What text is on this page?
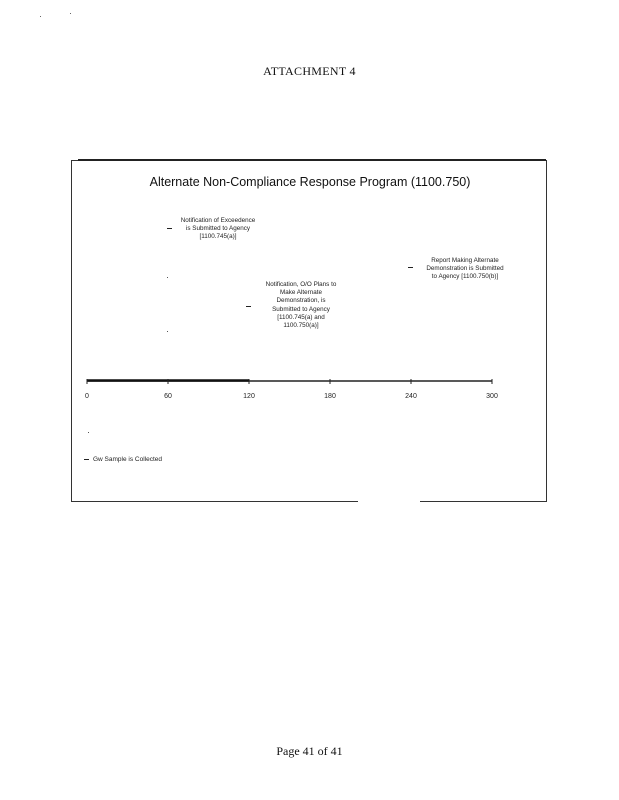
ATTACHMENT 4
Alternate Non-Compliance Response Program (1100.750)
Notification of Exceedence
is Submitted to Agency
[1100.745(a)]
Notification, O/O Plans to
Make Alternate
Demonstration, is
Submitted to Agency
[1100.745(a) and
1100.750(a)]
Report Making Alternate
Demonstration is Submitted
to Agency [1100.750(b)]
0	60	120	180	240	300
Gw Sample is Collected
Page 41 of 41
